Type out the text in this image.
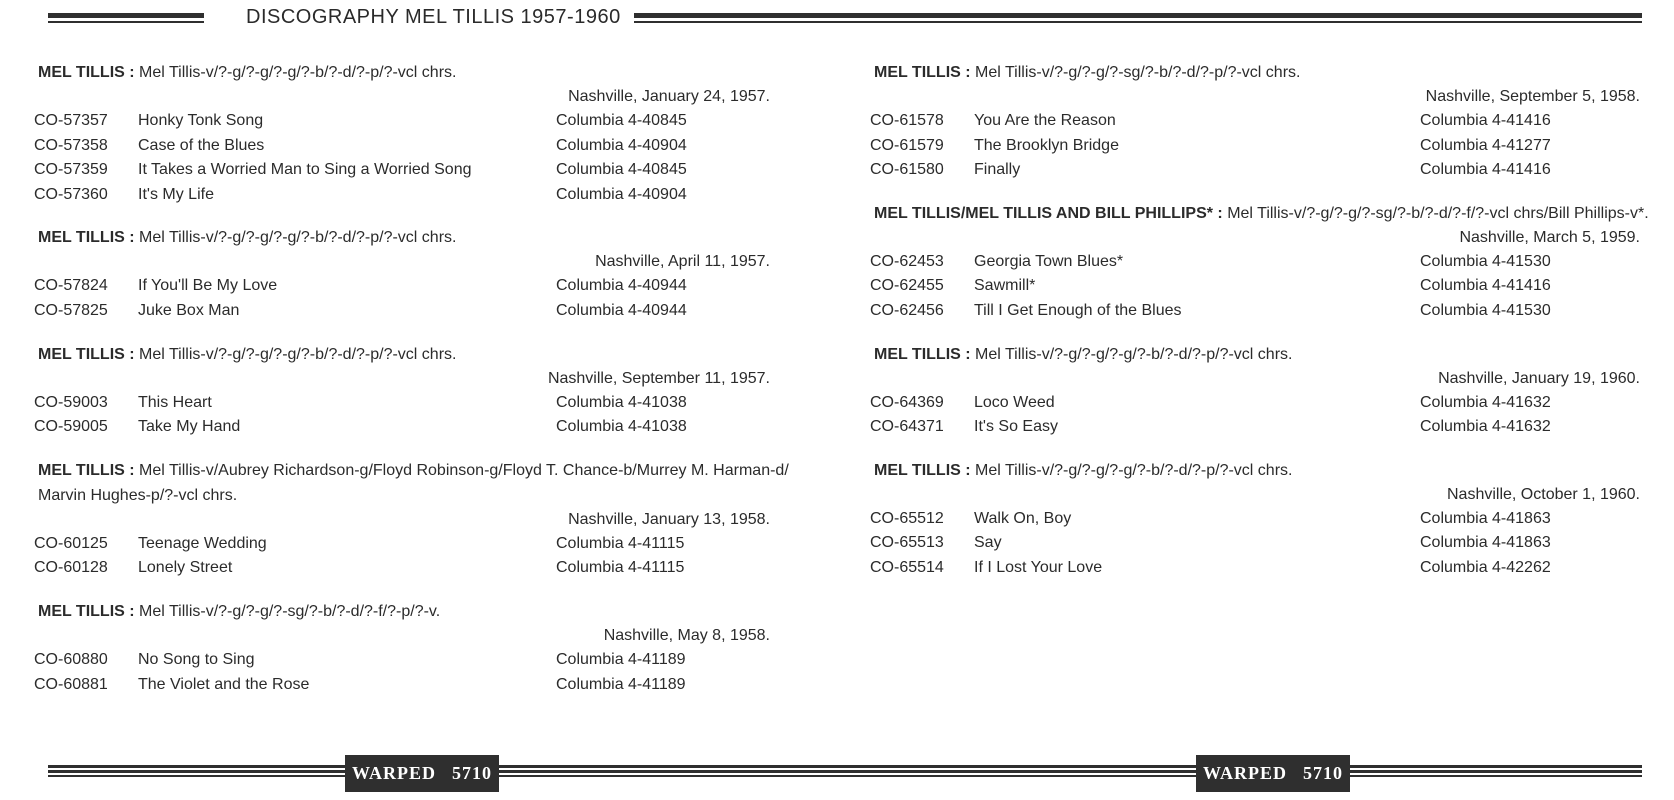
DISCOGRAPHY MEL TILLIS 1957-1960
MEL TILLIS : Mel Tillis-v/?-g/?-g/?-g/?-b/?-d/?-p/?-vcl chrs.
Nashville, January 24, 1957.
CO-57357 Honky Tonk Song	Columbia 4-40845
CO-57358 Case of the Blues	Columbia 4-40904
CO-57359 It Takes a Worried Man to Sing a Worried Song	Columbia 4-40845
CO-57360 It's My Life	Columbia 4-40904
MEL TILLIS : Mel Tillis-v/?-g/?-g/?-g/?-b/?-d/?-p/?-vcl chrs.
Nashville, April 11, 1957.
CO-57824 If You'll Be My Love	Columbia 4-40944
CO-57825 Juke Box Man	Columbia 4-40944
MEL TILLIS : Mel Tillis-v/?-g/?-g/?-g/?-b/?-d/?-p/?-vcl chrs.
Nashville, September 11, 1957.
CO-59003 This Heart	Columbia 4-41038
CO-59005 Take My Hand	Columbia 4-41038
MEL TILLIS : Mel Tillis-v/Aubrey Richardson-g/Floyd Robinson-g/Floyd T. Chance-b/Murrey M. Harman-d/
Marvin Hughes-p/?-vcl chrs.
Nashville, January 13, 1958.
CO-60125 Teenage Wedding	Columbia 4-41115
CO-60128 Lonely Street	Columbia 4-41115
MEL TILLIS : Mel Tillis-v/?-g/?-g/?-sg/?-b/?-d/?-f/?-p/?-v.
Nashville, May 8, 1958.
CO-60880 No Song to Sing	Columbia 4-41189
CO-60881 The Violet and the Rose	Columbia 4-41189
MEL TILLIS : Mel Tillis-v/?-g/?-g/?-sg/?-b/?-d/?-p/?-vcl chrs.
Nashville, September 5, 1958.
CO-61578 You Are the Reason	Columbia 4-41416
CO-61579 The Brooklyn Bridge	Columbia 4-41277
CO-61580 Finally	Columbia 4-41416
MEL TILLIS/MEL TILLIS AND BILL PHILLIPS* : Mel Tillis-v/?-g/?-g/?-sg/?-b/?-d/?-f/?-vcl chrs/Bill Phillips-v*.
Nashville, March 5, 1959.
CO-62453 Georgia Town Blues*	Columbia 4-41530
CO-62455 Sawmill*	Columbia 4-41416
CO-62456 Till I Get Enough of the Blues	Columbia 4-41530
MEL TILLIS : Mel Tillis-v/?-g/?-g/?-g/?-b/?-d/?-p/?-vcl chrs.
Nashville, January 19, 1960.
CO-64369 Loco Weed	Columbia 4-41632
CO-64371 It's So Easy	Columbia 4-41632
MEL TILLIS : Mel Tillis-v/?-g/?-g/?-g/?-b/?-d/?-p/?-vcl chrs.
Nashville, October 1, 1960.
CO-65512 Walk On, Boy	Columbia 4-41863
CO-65513 Say	Columbia 4-41863
CO-65514 If I Lost Your Love	Columbia 4-42262
WARPED 5710	WARPED 5710
